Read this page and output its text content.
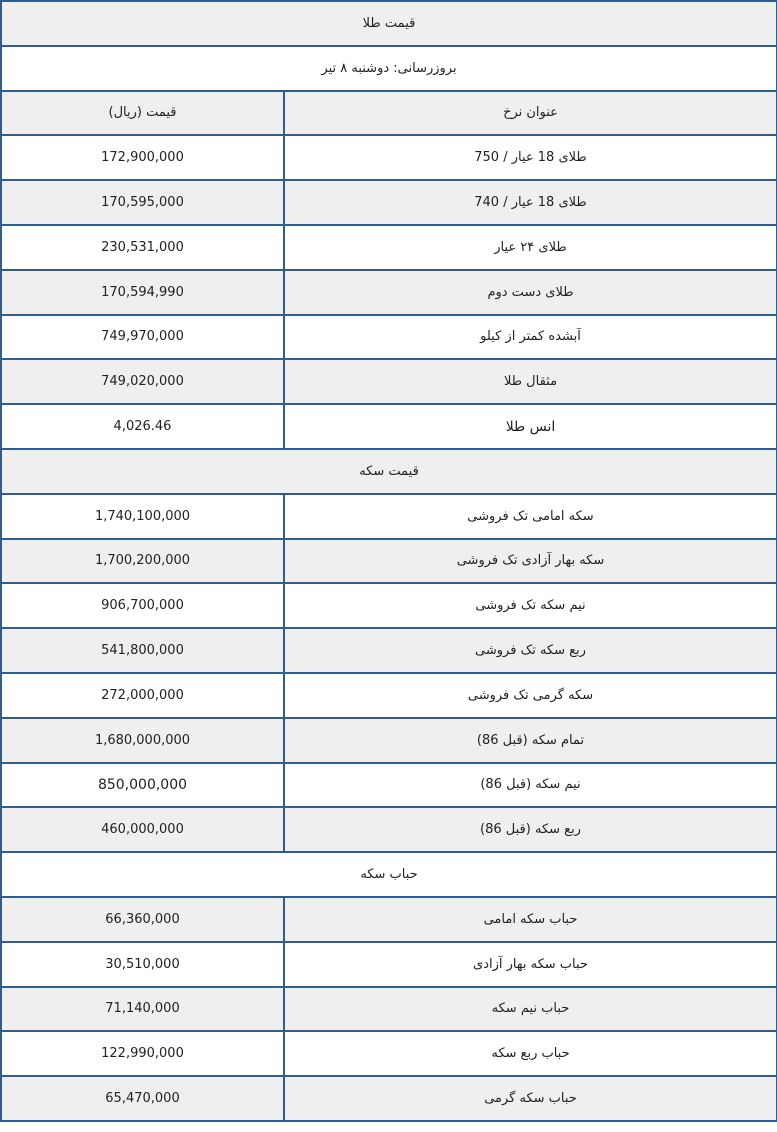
قیمت طلا	
بروزرسانی: دوشنبه ۸ تیر	
قیمت (ریال)	عنوان نرخ
172,900,000	طلای 18 عیار / 750
170,595,000	طلای 18 عیار / 740
230,531,000	طلای ۲۴ عیار
170,594,990	طلای دست دوم
749,970,000	آبشده کمتر از کیلو
749,020,000	مثقال طلا
4,026.46	انس طلا
قیمت سکه	
1,740,100,000	سکه امامی تک فروشی
1,700,200,000	سکه بهار آزادی تک فروشی
906,700,000	نیم سکه تک فروشی
541,800,000	ربع سکه تک فروشی
272,000,000	سکه گرمی تک فروشی
1,680,000,000	تمام سکه (قبل 86)
850,000,000	نیم سکه (قبل 86)
460,000,000	ربع سکه (قبل 86)
حباب سکه	
66,360,000	حباب سکه امامی
30,510,000	حباب سکه بهار آزادی
71,140,000	حباب نیم سکه
122,990,000	حباب ربع سکه
65,470,000	حباب سکه گرمی
